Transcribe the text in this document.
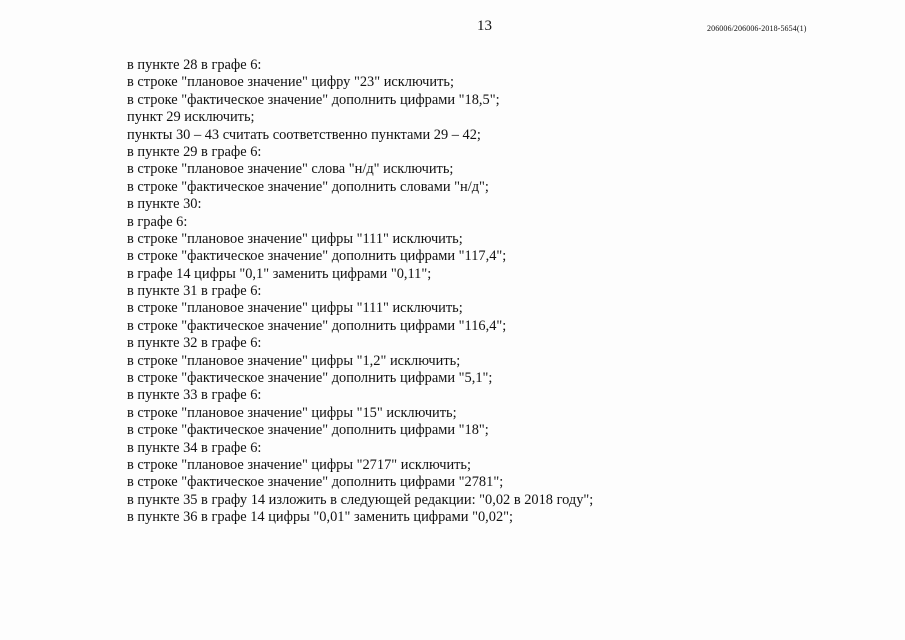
13	206006/206006-2018-5654(1)
в пункте 28 в графе 6:
в строке "плановое значение" цифру "23" исключить;
в строке "фактическое значение" дополнить цифрами "18,5";
пункт 29 исключить;
пункты 30 – 43 считать соответственно пунктами 29 – 42;
в пункте 29 в графе 6:
в строке "плановое значение" слова "н/д" исключить;
в строке "фактическое значение" дополнить словами "н/д";
в пункте 30:
в графе 6:
в строке "плановое значение" цифры "111" исключить;
в строке "фактическое значение" дополнить цифрами "117,4";
в графе 14 цифры "0,1" заменить цифрами "0,11";
в пункте 31 в графе 6:
в строке "плановое значение" цифры "111" исключить;
в строке "фактическое значение" дополнить цифрами "116,4";
в пункте 32 в графе 6:
в строке "плановое значение" цифры "1,2" исключить;
в строке "фактическое значение" дополнить цифрами "5,1";
в пункте 33 в графе 6:
в строке "плановое значение" цифры "15" исключить;
в строке "фактическое значение" дополнить цифрами "18";
в пункте 34 в графе 6:
в строке "плановое значение" цифры "2717" исключить;
в строке "фактическое значение" дополнить цифрами "2781";
в пункте 35 в графу 14 изложить в следующей редакции: "0,02 в 2018 году";
в пункте 36 в графе 14 цифры "0,01" заменить цифрами "0,02";
